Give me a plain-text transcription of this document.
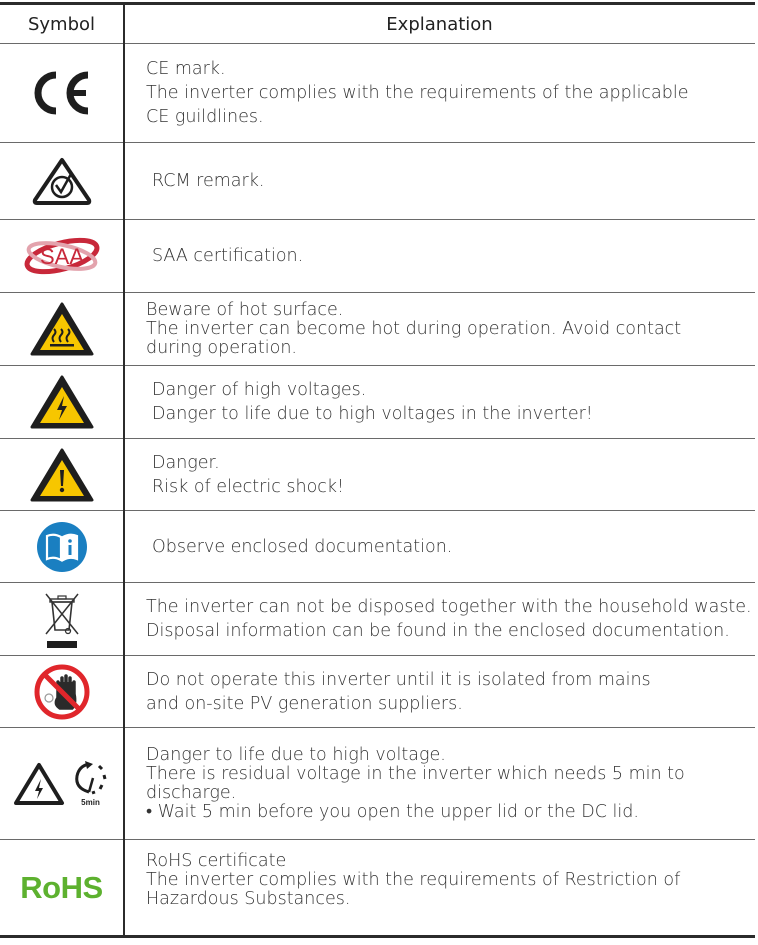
Symbol	Explanation
CE mark.
The inverter complies with the requirements of the applicable
CE guildlines.
RCM remark.
SAA	SAA certification.
Beware of hot surface.
The inverter can become hot during operation. Avoid contact
during operation.
Danger of high voltages.
Danger to life due to high voltages in the inverter!
Danger.
Risk of electric shock!
Observe enclosed documentation.
The inverter can not be disposed together with the household waste.
Disposal information can be found in the enclosed documentation.
Do not operate this inverter until it is isolated from mains
and on-site PV generation suppliers.
5min
Danger to life due to high voltage.
There is residual voltage in the inverter which needs 5 min to
discharge.
• Wait 5 min before you open the upper lid or the DC lid.
RoHS
RoHS certificate
The inverter complies with the requirements of Restriction of
Hazardous Substances.
